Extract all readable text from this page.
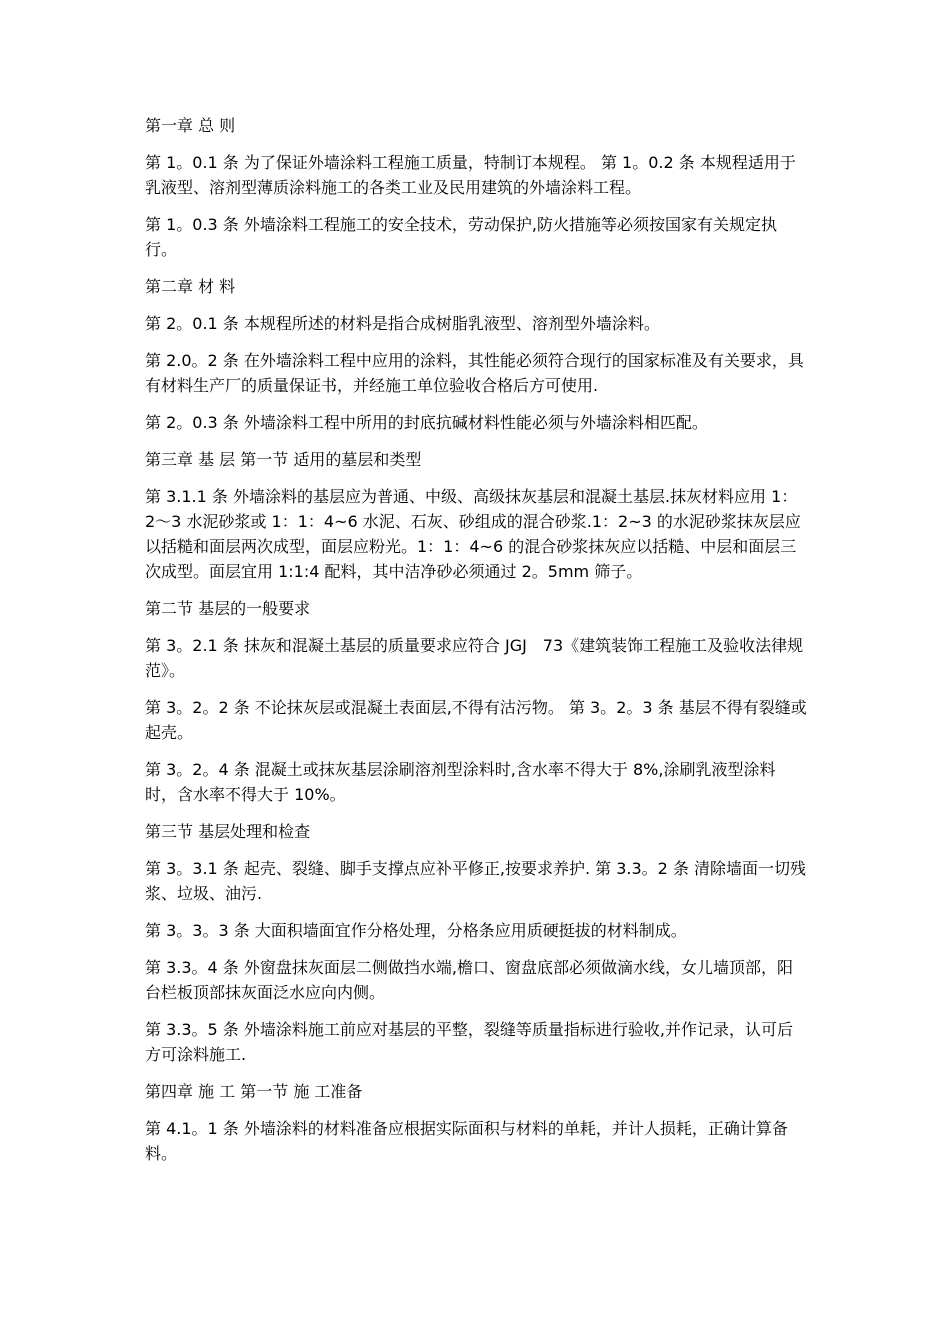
第一章 总 则

第 1。0.1 条 为了保证外墙涂料工程施工质量，特制订本规程。 第 1。0.2 条 本规程适用于乳液型、溶剂型薄质涂料施工的各类工业及民用建筑的外墙涂料工程。

第 1。0.3 条 外墙涂料工程施工的安全技术，劳动保护,防火措施等必须按国家有关规定执行。

第二章 材 料

第 2。0.1 条 本规程所述的材料是指合成树脂乳液型、溶剂型外墙涂料。

第 2.0。2 条 在外墙涂料工程中应用的涂料，其性能必须符合现行的国家标准及有关要求，具有材料生产厂的质量保证书，并经施工单位验收合格后方可使用.

第 2。0.3 条 外墙涂料工程中所用的封底抗碱材料性能必须与外墙涂料相匹配。

第三章 基 层 第一节 适用的墓层和类型

第 3.1.1 条 外墙涂料的基层应为普通、中级、高级抹灰基层和混凝土基层.抹灰材料应用 1：2～3 水泥砂浆或 1：1：4~6 水泥、石灰、砂组成的混合砂浆.1：2~3 的水泥砂浆抹灰层应以括糙和面层两次成型，面层应粉光。1：1：4~6 的混合砂浆抹灰应以括糙、中层和面层三次成型。面层宜用 1:1:4 配料，其中洁净砂必须通过 2。5mm 筛子。

第二节 基层的一般要求

第 3。2.1 条 抹灰和混凝土基层的质量要求应符合 JGJ　73《建筑装饰工程施工及验收法律规范》。

第 3。2。2 条 不论抹灰层或混凝土表面层,不得有沽污物。 第 3。2。3 条 基层不得有裂缝或起壳。

第 3。2。4 条 混凝土或抹灰基层涂刷溶剂型涂料时,含水率不得大于 8%,涂刷乳液型涂料时，含水率不得大于 10%。

第三节 基层处理和检查

第 3。3.1 条 起壳、裂缝、脚手支撑点应补平修正,按要求养护. 第 3.3。2 条 清除墙面一切残浆、垃圾、油污.

第 3。3。3 条 大面积墙面宜作分格处理，分格条应用质硬挺拔的材料制成。

第 3.3。4 条 外窗盘抹灰面层二侧做挡水端,檐口、窗盘底部必须做滴水线，女儿墙顶部，阳台栏板顶部抹灰面泛水应向内侧。

第 3.3。5 条 外墙涂料施工前应对基层的平整，裂缝等质量指标进行验收,并作记录，认可后方可涂料施工.

第四章 施 工 第一节 施 工准备

第 4.1。1 条 外墙涂料的材料准备应根据实际面积与材料的单耗，并计人损耗，正确计算备料。
